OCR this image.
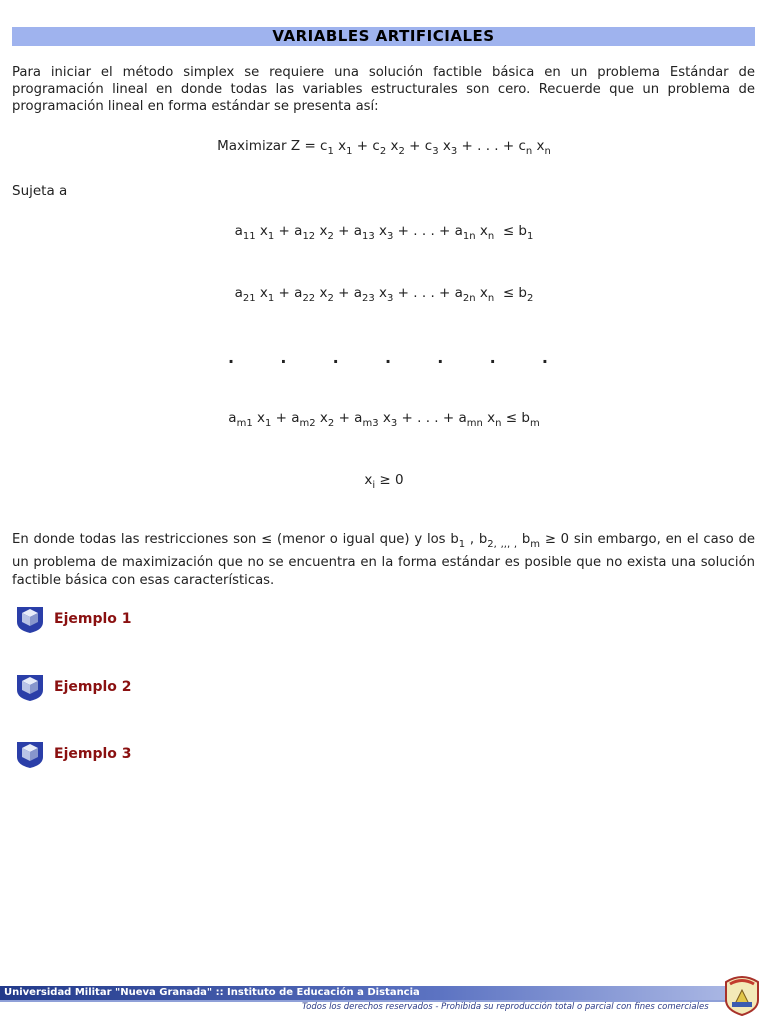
VARIABLES ARTIFICIALES
Para iniciar el método simplex se requiere una solución factible básica en un problema Estándar de programación lineal en donde todas las variables estructurales son cero. Recuerde que un problema de programación lineal en forma estándar se presenta así:
Maximizar $Z = c_1$ $x_1 + c_2$ $x_2 + c_3$ $x_3$ + . . . + $c_n$ $x_n$
Sujeta a
$a_{11}$ $x_1 + a_{12}$ $x_2 + a_{13}$ $x_3$ + . . . + $a_{1n}$ $x_n \le b_1$
$a_{21}$ $x_1 + a_{22}$ $x_2 + a_{23}$ $x_3$ + . . . + $a_{2n}$ $x_n \le b_2$
.	.	.	.	.	.	.
$a_{m1}$ $x_1 + a_{m2}$ $x_2 + a_{m3}$ $x_3$ + . . . + $a_{mn}$ $x_n \le b_m$
$x_i \ge 0$
En donde todas las restricciones son ≤ (menor o igual que) y los $b_1$ , $b_{2, ,,, ,}$ $b_m \ge 0$ sin embargo, en el caso de un problema de maximización que no se encuentra en la forma estándar es posible que no exista una solución factible básica con esas características.
Ejemplo 1
Ejemplo 2
Ejemplo 3
Universidad Militar "Nueva Granada" :: Instituto de Educación a Distancia
Todos los derechos reservados - Prohibida su reproducción total o parcial con fines comerciales
